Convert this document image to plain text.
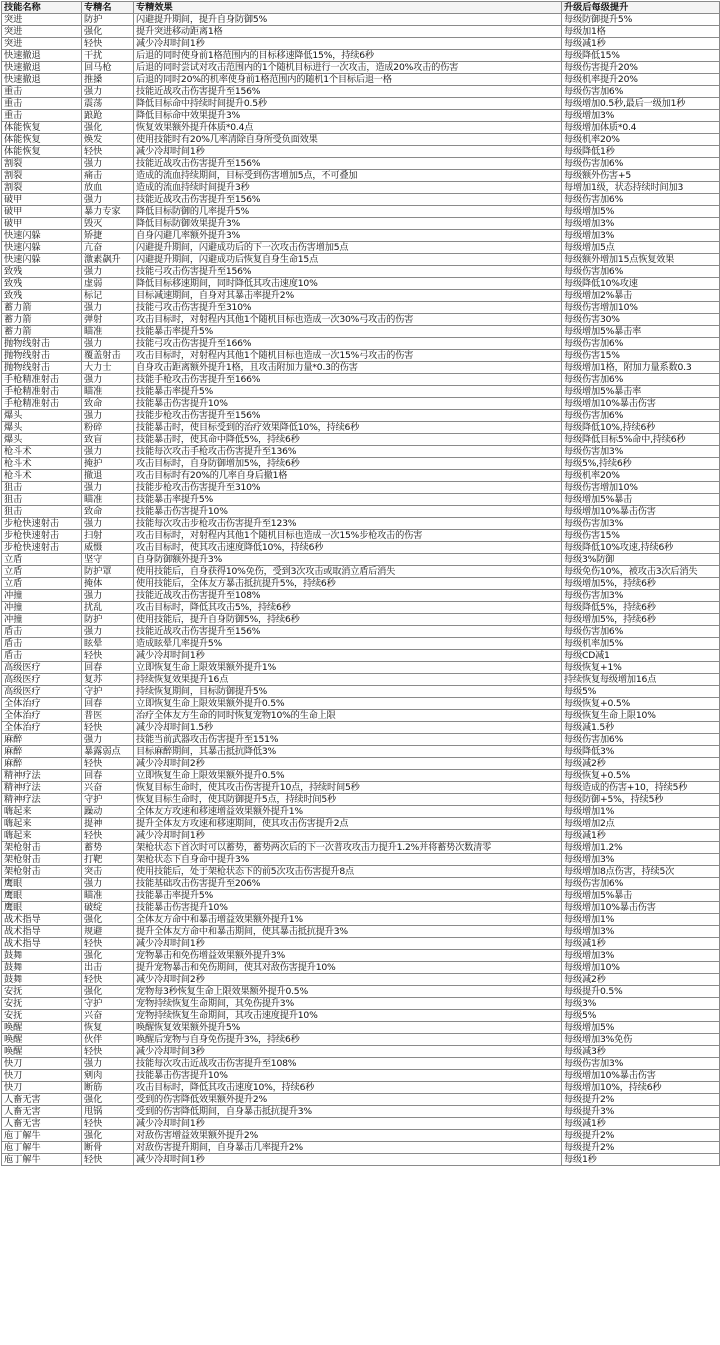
技能名称	专精名	专精效果	升级后每级提升
突进	防护	闪避提升期间，提升自身防御5%	每级防御提升5%
突进	强化	提升突进移动距离1格	每级加1格
突进	轻快	减少冷却时间1秒	每级减1秒
快速撤退	干扰	后退的同时使身前1格范围内的目标移速降低15%，持续6秒	每级降低15%
快速撤退	回马枪	后退的同时尝试对攻击范围内的1个随机目标进行一次攻击，造成20%攻击的伤害	每级伤害提升20%
快速撤退	推搡	后退的同时20%的机率使身前1格范围内的随机1个目标后退一格	每级机率提升20%
重击	强力	技能近战攻击伤害提升至156%	每级伤害加6%
重击	震荡	降低目标命中持续时间提升0.5秒	每级增加0.5秒,最后一级加1秒
重击	踉跄	降低目标命中效果提升3%	每级增加3%
体能恢复	强化	恢复效果额外提升体质*0.4点	每级增加体质*0.4
体能恢复	焕发	使用技能时有20%几率清除自身所受负面效果	每级机率20%
体能恢复	轻快	减少冷却时间1秒	每级降低1秒
割裂	强力	技能近战攻击伤害提升至156%	每级伤害加6%
割裂	痛击	造成的流血持续期间，目标受到伤害增加5点，不可叠加	每级额外伤害+5
割裂	放血	造成的流血持续时间提升3秒	每增加1级，状态持续时间加3
破甲	强力	技能近战攻击伤害提升至156%	每级伤害加6%
破甲	暴力专家	降低目标防御的几率提升5%	每级增加5%
破甲	毁灭	降低目标防御效果提升3%	每级增加3%
快速闪躲	矫捷	自身闪避几率额外提升3%	每级增加3%
快速闪躲	亢奋	闪避提升期间，闪避成功后的下一次攻击伤害增加5点	每级增加5点
快速闪躲	激素飙升	闪避提升期间，闪避成功后恢复自身生命15点	每级额外增加15点恢复效果
致残	强力	技能弓攻击伤害提升至156%	每级伤害加6%
致残	虚弱	降低目标移速期间，同时降低其攻击速度10%	每级降低10%攻速
致残	标记	目标减速期间，自身对其暴击率提升2%	每级增加2%暴击
蓄力箭	强力	技能弓攻击伤害提升至310%	每级伤害增加10%
蓄力箭	弹射	攻击目标时，对射程内其他1个随机目标也造成一次30%弓攻击的伤害	每级伤害30%
蓄力箭	瞄准	技能暴击率提升5%	每级增加5%暴击率
抛物线射击	强力	技能弓攻击伤害提升至166%	每级伤害加6%
抛物线射击	覆盖射击	攻击目标时，对射程内其他1个随机目标也造成一次15%弓攻击的伤害	每级伤害15%
抛物线射击	大力士	自身攻击距离额外提升1格，且攻击附加力量*0.3的伤害	每级增加1格，附加力量系数0.3
手枪精准射击	强力	技能手枪攻击伤害提升至166%	每级伤害加6%
手枪精准射击	瞄准	技能暴击率提升5%	每级增加5%暴击率
手枪精准射击	致命	技能暴击伤害提升10%	每级增加10%暴击伤害
爆头	强力	技能步枪攻击伤害提升至156%	每级伤害加6%
爆头	粉碎	技能暴击时，使目标受到的治疗效果降低10%，持续6秒	每级降低10%,持续6秒
爆头	致盲	技能暴击时，使其命中降低5%，持续6秒	每级降低目标5%命中,持续6秒
枪斗术	强力	技能每次攻击手枪攻击伤害提升至136%	每级伤害加3%
枪斗术	掩护	攻击目标时，自身防御增加5%，持续6秒	每级5%,持续6秒
枪斗术	撤退	攻击目标时有20%的几率自身后撤1格	每级机率20%
狙击	强力	技能步枪攻击伤害提升至310%	每级伤害增加10%
狙击	瞄准	技能暴击率提升5%	每级增加5%暴击
狙击	致命	技能暴击伤害提升10%	每级增加10%暴击伤害
步枪快速射击	强力	技能每次攻击步枪攻击伤害提升至123%	每级伤害加3%
步枪快速射击	扫射	攻击目标时，对射程内其他1个随机目标也造成一次15%步枪攻击的伤害	每级伤害15%
步枪快速射击	威慑	攻击目标时，使其攻击速度降低10%，持续6秒	每级降低10%攻速,持续6秒
立盾	坚守	自身防御额外提升3%	每级3%防御
立盾	防护罩	使用技能后，自身获得10%免伤，受到3次攻击或取消立盾后消失	每级免伤10%，被攻击3次后消失
立盾	掩体	使用技能后，全体友方暴击抵抗提升5%，持续6秒	每级增加5%，持续6秒
冲撞	强力	技能近战攻击伤害提升至108%	每级伤害加3%
冲撞	扰乱	攻击目标时，降低其攻击5%，持续6秒	每级降低5%，持续6秒
冲撞	防护	使用技能后，提升自身防御5%，持续6秒	每级增加5%，持续6秒
盾击	强力	技能近战攻击伤害提升至156%	每级伤害加6%
盾击	眩晕	造成眩晕几率提升5%	每级机率加5%
盾击	轻快	减少冷却时间1秒	每级CD减1
高级医疗	回春	立即恢复生命上限效果额外提升1%	每级恢复+1%
高级医疗	复苏	持续恢复效果提升16点	持续恢复每级增加16点
高级医疗	守护	持续恢复期间，目标防御提升5%	每级5%
全体治疗	回春	立即恢复生命上限效果额外提升0.5%	每级恢复+0.5%
全体治疗	普医	治疗全体友方生命的同时恢复宠物10%的生命上限	每级恢复生命上限10%
全体治疗	轻快	减少冷却时间1.5秒	每级减1.5秒
麻醉	强力	技能当前武器攻击伤害提升至151%	每级伤害加6%
麻醉	暴露弱点	目标麻醉期间，其暴击抵抗降低3%	每级降低3%
麻醉	轻快	减少冷却时间2秒	每级减2秒
精神疗法	回春	立即恢复生命上限效果额外提升0.5%	每级恢复+0.5%
精神疗法	兴奋	恢复目标生命时，使其攻击伤害提升10点，持续时间5秒	每级造成的伤害+10，持续5秒
精神疗法	守护	恢复目标生命时，使其防御提升5点，持续时间5秒	每级防御+5%，持续5秒
嗨起来	躁动	全体友方攻速和移速增益效果额外提升1%	每级增加1%
嗨起来	提神	提升全体友方攻速和移速期间，使其攻击伤害提升2点	每级增加2点
嗨起来	轻快	减少冷却时间1秒	每级减1秒
架枪射击	蓄势	架枪状态下首次时可以蓄势，蓄势两次后的下一次普攻攻击力提升1.2%并将蓄势次数清零	每级增加1.2%
架枪射击	打靶	架枪状态下自身命中提升3%	每级增加3%
架枪射击	突击	使用技能后，处于架枪状态下的前5次攻击伤害提升8点	每级增加8点伤害，持续5次
鹰眼	强力	技能基础攻击伤害提升至206%	每级伤害加6%
鹰眼	瞄准	技能暴击率提升5%	每级增加5%暴击
鹰眼	破绽	技能暴击伤害提升10%	每级增加10%暴击伤害
战术指导	强化	全体友方命中和暴击增益效果额外提升1%	每级增加1%
战术指导	规避	提升全体友方命中和暴击期间，使其暴击抵抗提升3%	每级增加3%
战术指导	轻快	减少冷却时间1秒	每级减1秒
鼓舞	强化	宠物暴击和免伤增益效果额外提升3%	每级增加3%
鼓舞	出击	提升宠物暴击和免伤期间，使其对敌伤害提升10%	每级增加10%
鼓舞	轻快	减少冷却时间2秒	每级减2秒
安抚	强化	宠物每3秒恢复生命上限效果额外提升0.5%	每级提升0.5%
安抚	守护	宠物持续恢复生命期间，其免伤提升3%	每级3%
安抚	兴奋	宠物持续恢复生命期间，其攻击速度提升10%	每级5%
唤醒	恢复	唤醒恢复效果额外提升5%	每级增加5%
唤醒	伙伴	唤醒后宠物与自身免伤提升3%，持续6秒	每级增加3%免伤
唤醒	轻快	减少冷却时间3秒	每级减3秒
快刀	强力	技能每次攻击近战攻击伤害提升至108%	每级伤害加3%
快刀	剜肉	技能暴击伤害提升10%	每级增加10%暴击伤害
快刀	断筋	攻击目标时，降低其攻击速度10%，持续6秒	每级增加10%，持续6秒
人畜无害	强化	受到的伤害降低效果额外提升2%	每级提升2%
人畜无害	甩锅	受到的伤害降低期间，自身暴击抵抗提升3%	每级提升3%
人畜无害	轻快	减少冷却时间1秒	每级减1秒
庖丁解牛	强化	对敌伤害增益效果额外提升2%	每级提升2%
庖丁解牛	断骨	对敌伤害提升期间，自身暴击几率提升2%	每级提升2%
庖丁解牛	轻快	减少冷却时间1秒	每级1秒
